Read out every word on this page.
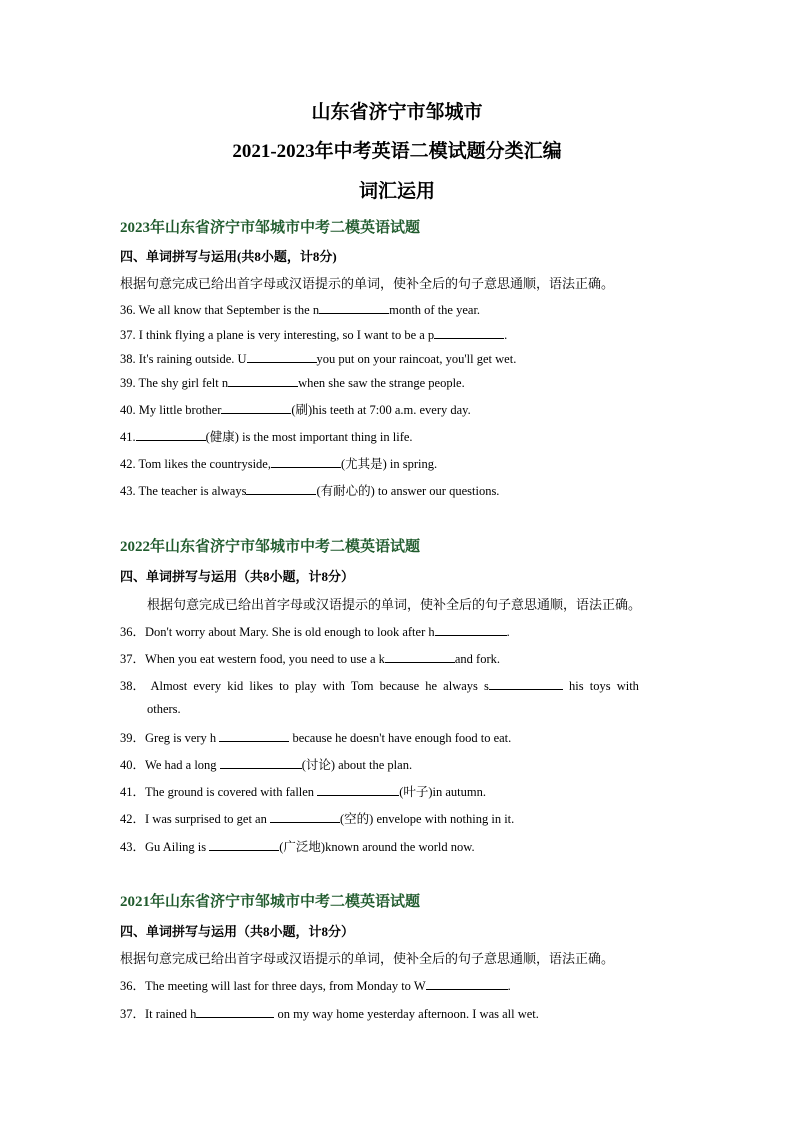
山东省济宁市邹城市
2021-2023年中考英语二模试题分类汇编
词汇运用
2023年山东省济宁市邹城市中考二模英语试题
四、单词拼写与运用(共8小题，计8分)
根据句意完成已给出首字母或汉语提示的单词，使补全后的句子意思通顺，语法正确。
36. We all know that September is the n	month of the year.
37. I think flying a plane is very interesting, so I want to be a p	.
38. It's raining outside. U	you put on your raincoat, you'll get wet.
39. The shy girl felt n	when she saw the strange people.
40. My little brother	(刷)his teeth at 7:00 a.m. every day.
41.	(健康) is the most important thing in life.
42. Tom likes the countryside,	(尤其是) in spring.
43. The teacher is always	(有耐心的) to answer our questions.
2022年山东省济宁市邹城市中考二模英语试题
四、单词拼写与运用（共8小题，计8分）
根据句意完成已给出首字母或汉语提示的单词，使补全后的句子意思通顺，语法正确。
36．Don't worry about Mary. She is old enough to look after h	.
37．When you eat western food, you need to use a k	and fork.
38． Almost every kid likes to play with Tom because he always s	his toys with
others.
39．Greg is very h	because he doesn't have enough food to eat.
40．We had a long	(讨论) about the plan.
41．The ground is covered with fallen	(叶子)in autumn.
42．I was surprised to get an	(空的) envelope with nothing in it.
43．Gu Ailing is	(广泛地)known around the world now.
2021年山东省济宁市邹城市中考二模英语试题
四、单词拼写与运用（共8小题，计8分）
根据句意完成已给出首字母或汉语提示的单词，使补全后的句子意思通顺，语法正确。
36．The meeting will last for three days, from Monday to W	.
37．It rained h	on my way home yesterday afternoon. I was all wet.
